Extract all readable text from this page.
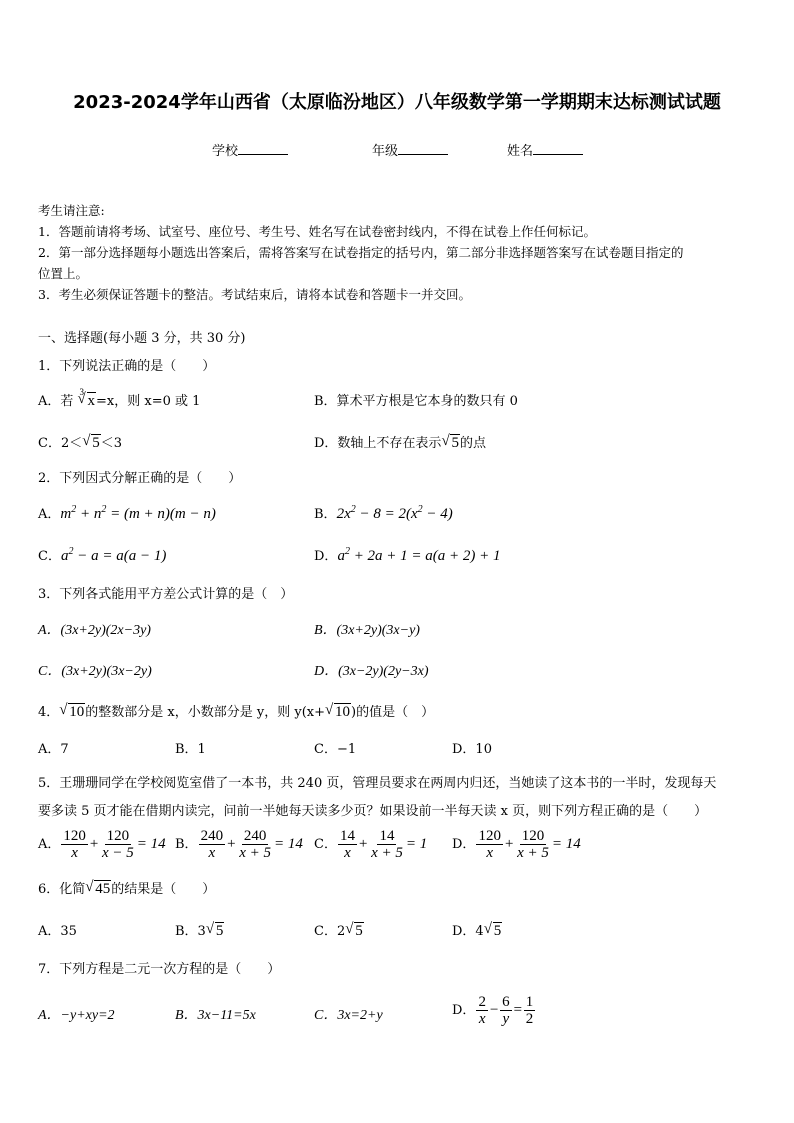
2023-2024学年山西省（太原临汾地区）八年级数学第一学期期末达标测试试题
学校	年级	姓名
考生请注意:
1．答题前请将考场、试室号、座位号、考生号、姓名写在试卷密封线内，不得在试卷上作任何标记。
2．第一部分选择题每小题选出答案后，需将答案写在试卷指定的括号内，第二部分非选择题答案写在试卷题目指定的
位置上。
3．考生必须保证答题卡的整洁。考试结束后，请将本试卷和答题卡一并交回。
一、选择题(每小题 3 分，共 30 分)
1．下列说法正确的是（　　）
A．若
√ 3
x=x，则 x=0 或 1	B．算术平方根是它本身的数只有 0
C．2＜ √ 5＜3	D．数轴上不存在表示 √ 5的点
2．下列因式分解正确的是（　　）
A．$m^2 + n^2 = (m + n)(m - n)$	B．$2x^2 - 8 = 2(x^2 - 4)$
C．$a^2 - a = a(a - 1)$	D．$a^2 + 2a + 1 = a(a + 2) + 1$
3．下列各式能用平方差公式计算的是（　）
A．(3x+2y)(2x−3y)	B．(3x+2y)(3x−y)
C．(3x+2y)(3x−2y)	D．(3x−2y)(2y−3x)
4． √ 10的整数部分是 x，小数部分是 y，则 y(x+ √ 10)的值是（　）
A．7	B．1	C．−1	D．10
5．王珊珊同学在学校阅览室借了一本书，共 240 页，管理员要求在两周内归还，当她读了这本书的一半时，发现每天
要多读 5 页才能在借期内读完，问前一半她每天读多少页？如果设前一半每天读 x 页，则下列方程正确的是（　　）
A． $\frac{120}{x} + \frac{120}{x - 5} = 14$ B． $\frac{240}{x} + \frac{240}{x + 5} = 14$ C． $\frac{14}{x} + \frac{14}{x + 5} = 1$ D． $\frac{120}{x} + \frac{120}{x + 5} = 14$
6．化简 √ 45的结果是（　　）
A．35	B．3 √ 5	C．2 √ 5	D．4 √ 5
7．下列方程是二元一次方程的是（　　）
A．−y+xy=2	B．3x−11=5x	C．3x=2+y	D． $\frac{2}{x} - \frac{6}{y} = \frac{1}{2}$
